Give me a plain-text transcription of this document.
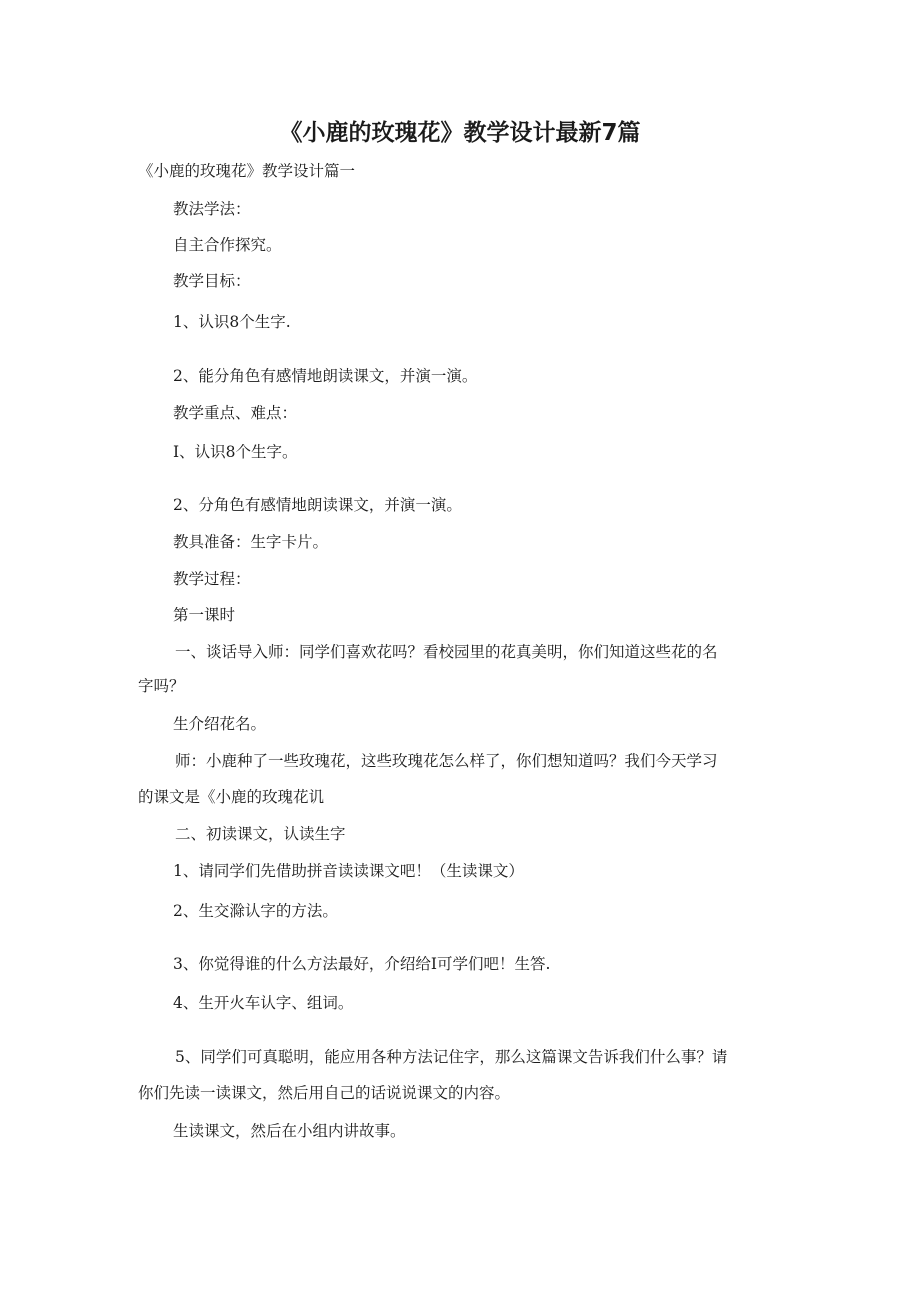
《小鹿的玫瑰花》教学设计最新7篇

《小鹿的玫瑰花》教学设计篇一

教法学法：

自主合作探究。

教学目标：

1、认识8个生字.

2、能分角色有感情地朗读课文，并演一演。

教学重点、难点：

I、认识8个生字。

2、分角色有感情地朗读课文，并演一演。

教具准备：生字卡片。

教学过程：

第一课时

一、谈话导入师：同学们喜欢花吗？看校园里的花真美明，你们知道这些花的名

字吗？

生介绍花名。

师：小鹿种了一些玫瑰花，这些玫瑰花怎么样了，你们想知道吗？我们今天学习

的课文是《小鹿的玫瑰花讥

二、初读课文，认读生字

1、请同学们先借助拼音读读课文吧！（生读课文）

2、生交滁认字的方法。

3、你觉得谁的什么方法最好，介绍给I可学们吧！生答.

4、生开火车认字、组词。

5、同学们可真聪明，能应用各种方法记住字，那么这篇课文告诉我们什么事？请

你们先读一读课文，然后用自己的话说说课文的内容。

生读课文，然后在小组内讲故事。
